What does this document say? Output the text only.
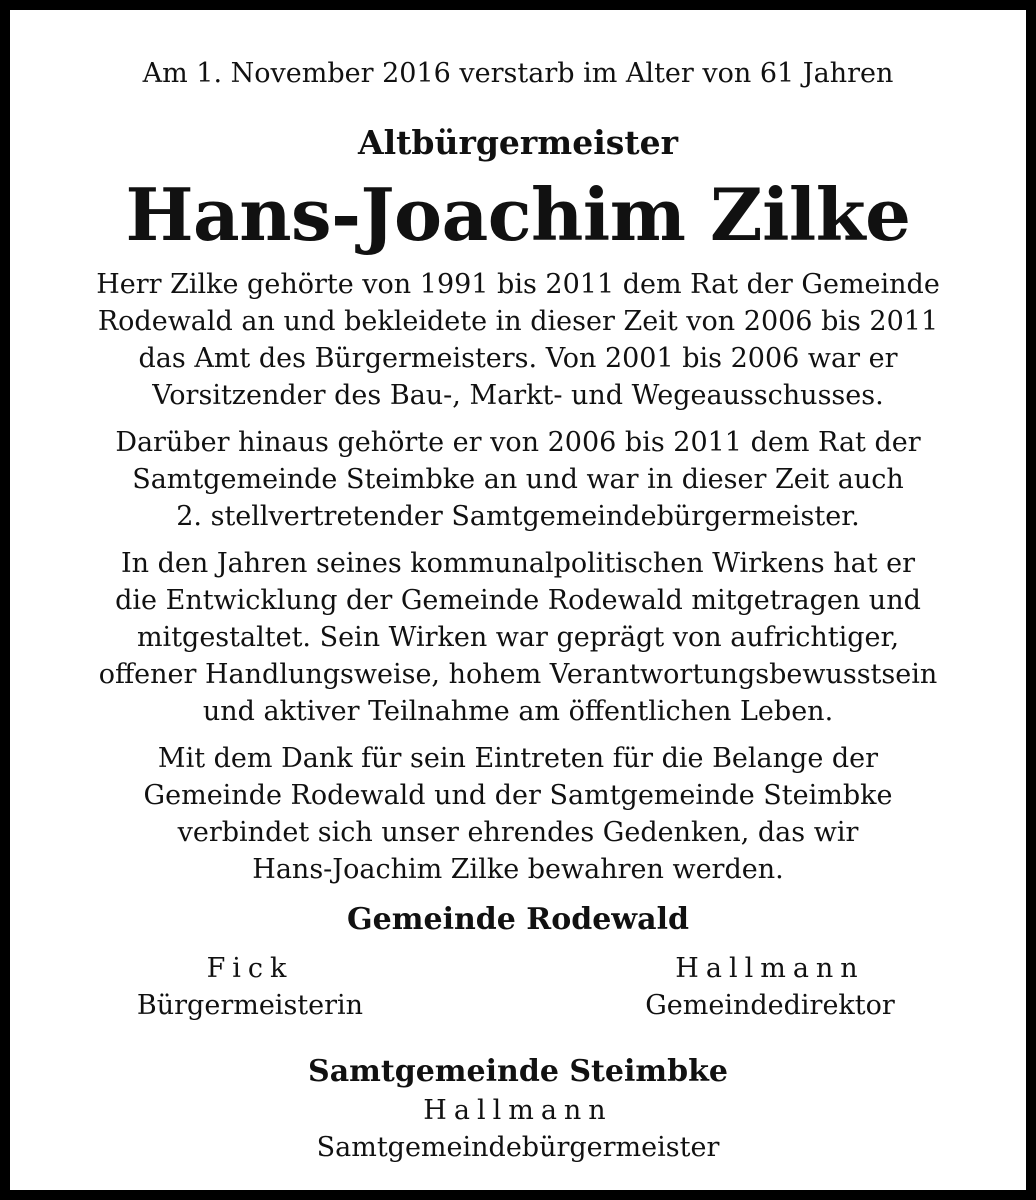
Am 1. November 2016 verstarb im Alter von 61 Jahren
Altbürgermeister
Hans-Joachim Zilke
Herr Zilke gehörte von 1991 bis 2011 dem Rat der Gemeinde
Rodewald an und bekleidete in dieser Zeit von 2006 bis 2011
das Amt des Bürgermeisters. Von 2001 bis 2006 war er
Vorsitzender des Bau-, Markt- und Wegeausschusses.
Darüber hinaus gehörte er von 2006 bis 2011 dem Rat der
Samtgemeinde Steimbke an und war in dieser Zeit auch
2. stellvertretender Samtgemeindebürgermeister.
In den Jahren seines kommunalpolitischen Wirkens hat er
die Entwicklung der Gemeinde Rodewald mitgetragen und
mitgestaltet. Sein Wirken war geprägt von aufrichtiger,
offener Handlungsweise, hohem Verantwortungsbewusstsein
und aktiver Teilnahme am öffentlichen Leben.
Mit dem Dank für sein Eintreten für die Belange der
Gemeinde Rodewald und der Samtgemeinde Steimbke
verbindet sich unser ehrendes Gedenken, das wir
Hans-Joachim Zilke bewahren werden.
Gemeinde Rodewald
Fick
Bürgermeisterin
Hallmann
Gemeindedirektor
Samtgemeinde Steimbke
Hallmann
Samtgemeindebürgermeister
